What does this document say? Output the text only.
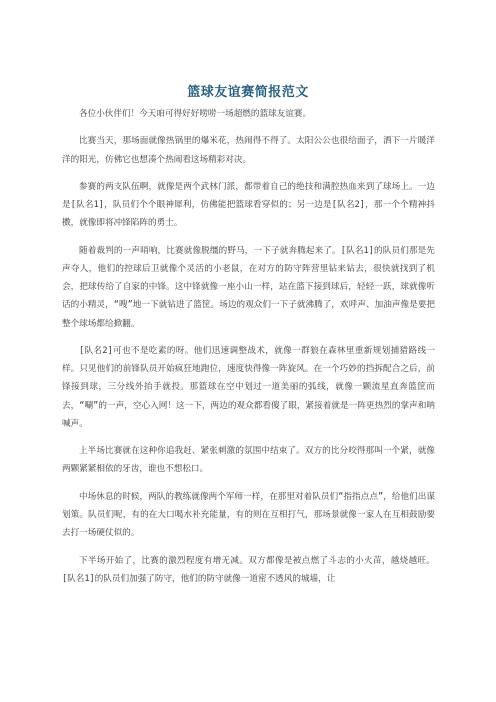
篮球友谊赛简报范文

各位小伙伴们！今天咱可得好好唠唠一场超燃的篮球友谊赛。

比赛当天，那场面就像热锅里的爆米花，热闹得不得了。太阳公公也很给面子，洒下一片暖洋洋的阳光，仿佛它也想凑个热闹看这场精彩对决。

参赛的两支队伍啊，就像是两个武林门派，都带着自己的绝技和满腔热血来到了球场上。一边是[队名1]，队员们个个眼神犀利，仿佛能把篮球看穿似的；另一边是[队名2]，那一个个精神抖擞，就像即将冲锋陷阵的勇士。

随着裁判的一声哨响，比赛就像脱缰的野马，一下子就奔腾起来了。[队名1]的队员们那是先声夺人，他们的控球后卫就像个灵活的小老鼠，在对方的防守阵营里钻来钻去，很快就找到了机会，把球传给了自家的中锋。这中锋就像一座小山一样，站在篮下接到球后，轻轻一跃，球就像听话的小精灵，“嗖”地一下就钻进了篮筐。场边的观众们一下子就沸腾了，欢呼声、加油声像是要把整个球场都给掀翻。

[队名2]可也不是吃素的呀。他们迅速调整战术，就像一群狼在森林里重新规划捕猎路线一样。只见他们的前锋队员开始疯狂地跑位，速度快得像一阵旋风。在一个巧妙的挡拆配合之后，前锋接到球，三分线外抬手就投。那篮球在空中划过一道美丽的弧线，就像一颗流星直奔篮筐而去，“唰”的一声，空心入网！这一下，两边的观众都看傻了眼，紧接着就是一阵更热烈的掌声和呐喊声。

上半场比赛就在这种你追我赶、紧张刺激的氛围中结束了。双方的比分咬得那叫一个紧，就像两颗紧紧相依的牙齿，谁也不想松口。

中场休息的时候，两队的教练就像两个军师一样，在那里对着队员们“指指点点”，给他们出谋划策。队员们呢，有的在大口喝水补充能量，有的则在互相打气，那场景就像一家人在互相鼓励要去打一场硬仗似的。

下半场开始了，比赛的激烈程度有增无减。双方都像是被点燃了斗志的小火苗，越烧越旺。[队名1]的队员们加强了防守，他们的防守就像一道密不透风的城墙，让
